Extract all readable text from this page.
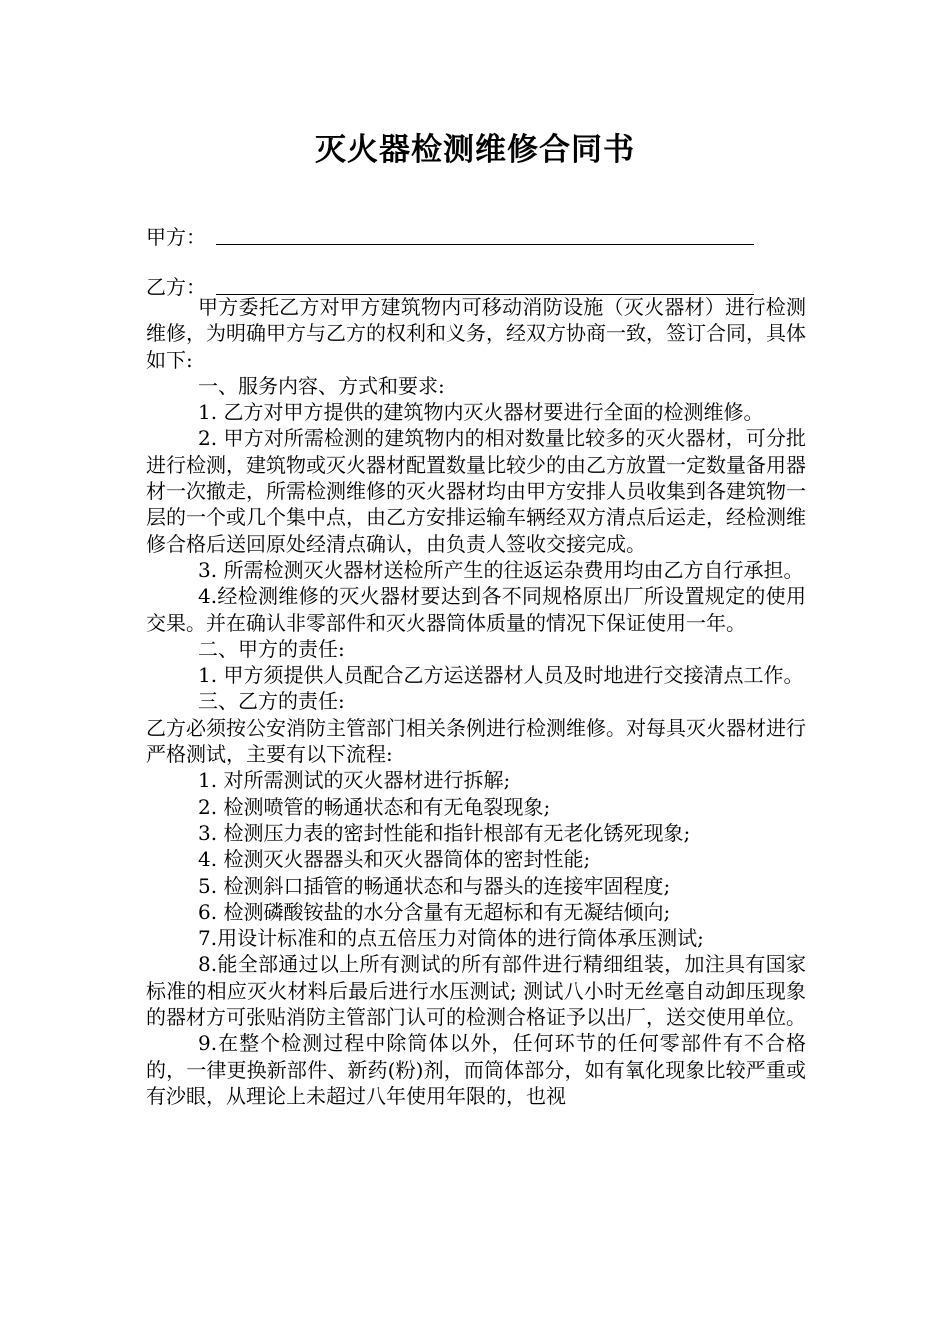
灭火器检测维修合同书
甲方：
乙方：

甲方委托乙方对甲方建筑物内可移动消防设施（灭火器材）进行检测维修，为明确甲方与乙方的权利和义务，经双方协商一致，签订合同，具体如下:

一、服务内容、方式和要求:

1. 乙方对甲方提供的建筑物内灭火器材要进行全面的检测维修。

2. 甲方对所需检测的建筑物内的相对数量比较多的灭火器材，可分批进行检测，建筑物或灭火器材配置数量比较少的由乙方放置一定数量备用器材一次撤走，所需检测维修的灭火器材均由甲方安排人员收集到各建筑物一层的一个或几个集中点，由乙方安排运输车辆经双方清点后运走，经检测维修合格后送回原处经清点确认，由负责人签收交接完成。

3. 所需检测灭火器材送检所产生的往返运杂费用均由乙方自行承担。

4.经检测维修的灭火器材要达到各不同规格原出厂所设置规定的使用交果。并在确认非零部件和灭火器筒体质量的情况下保证使用一年。

二、甲方的责任:

1. 甲方须提供人员配合乙方运送器材人员及时地进行交接清点工作。

三、乙方的责任:

乙方必须按公安消防主管部门相关条例进行检测维修。对每具灭火器材进行严格测试，主要有以下流程:

1. 对所需测试的灭火器材进行拆解;

2. 检测喷管的畅通状态和有无龟裂现象;

3. 检测压力表的密封性能和指针根部有无老化锈死现象;

4. 检测灭火器器头和灭火器筒体的密封性能;

5. 检测斜口插管的畅通状态和与器头的连接牢固程度;

6. 检测磷酸铵盐的水分含量有无超标和有无凝结倾向;

7.用设计标准和的点五倍压力对筒体的进行筒体承压测试;

8.能全部通过以上所有测试的所有部件进行精细组装，加注具有国家标准的相应灭火材料后最后进行水压测试; 测试八小时无丝毫自动卸压现象的器材方可张贴消防主管部门认可的检测合格证予以出厂，送交使用单位。

9.在整个检测过程中除筒体以外，任何环节的任何零部件有不合格的，一律更换新部件、新药(粉)剂，而筒体部分，如有氧化现象比较严重或有沙眼，从理论上未超过八年使用年限的，也视
